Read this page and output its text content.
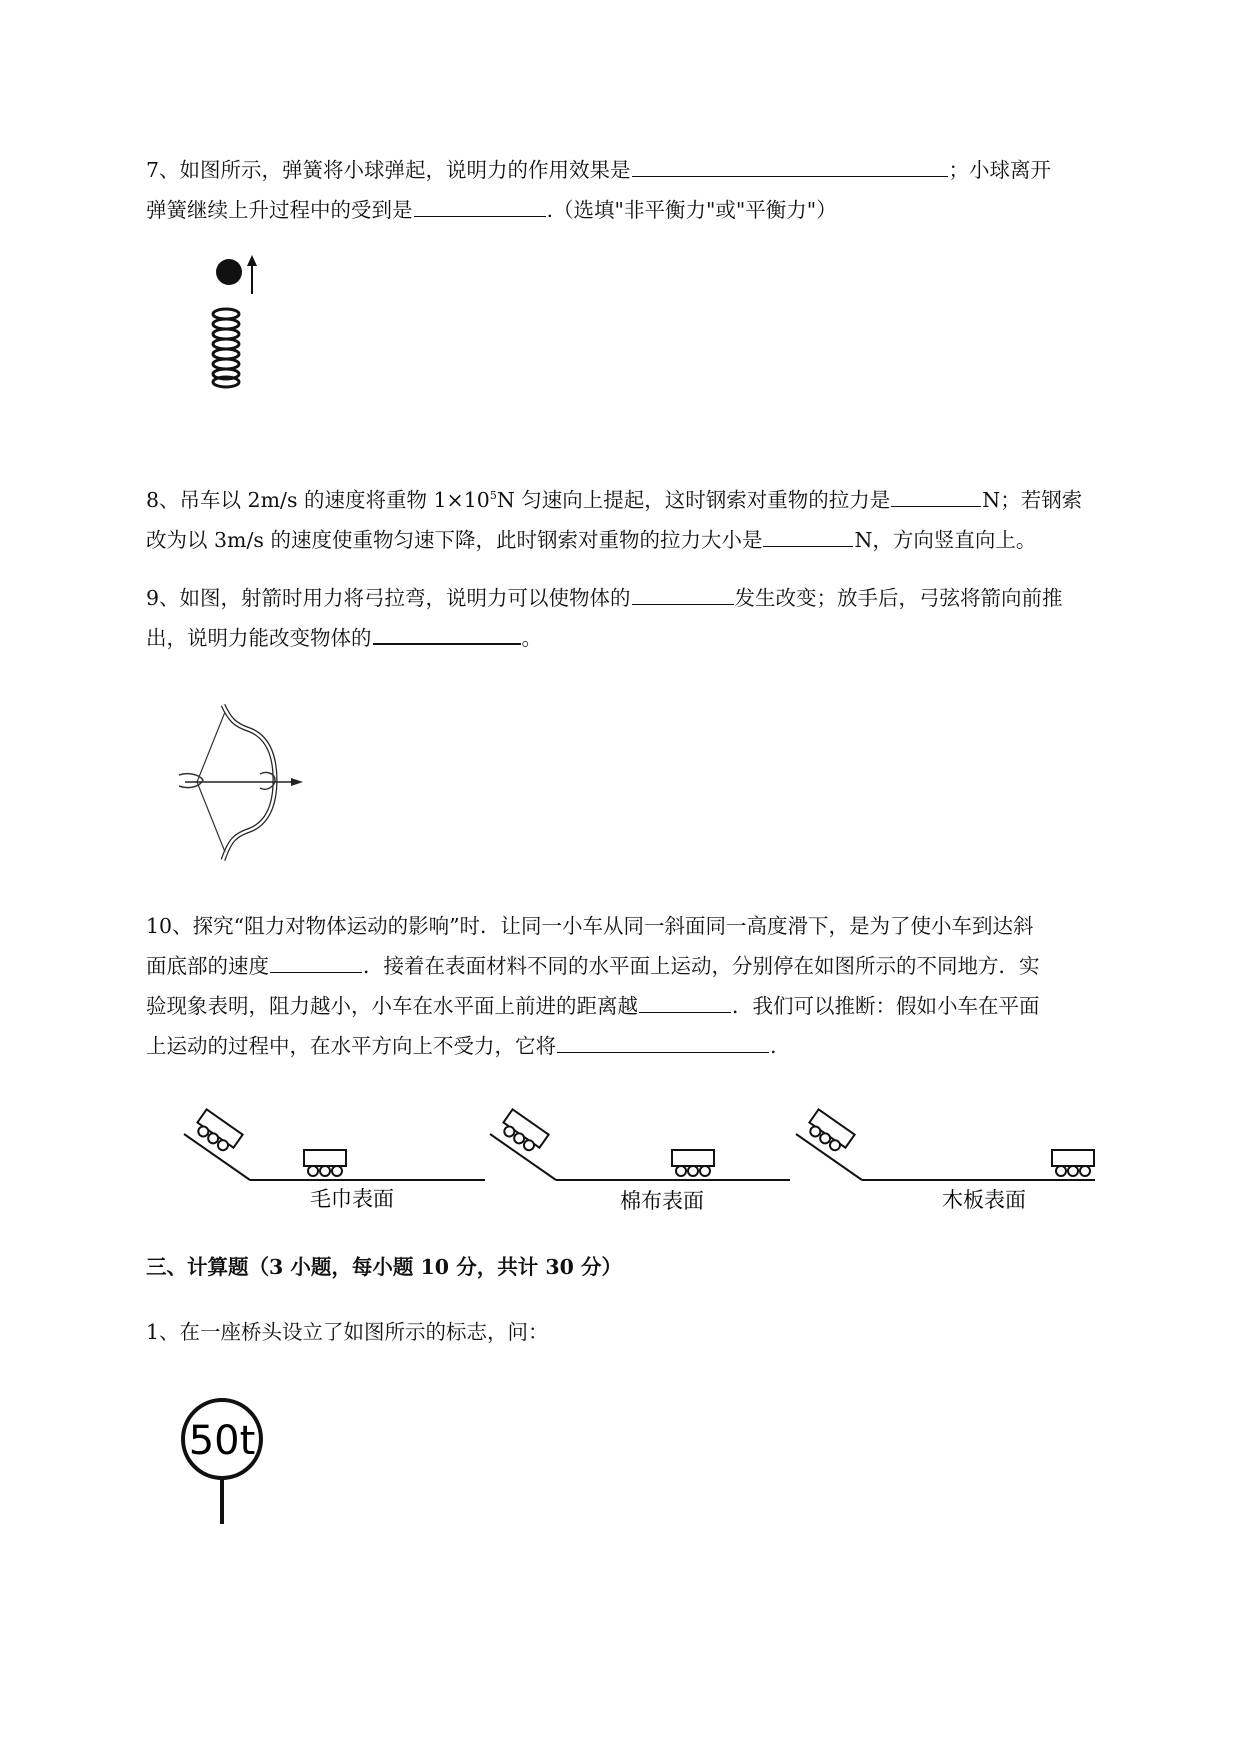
7、如图所示，弹簧将小球弹起，说明力的作用效果是	；小球离开
弹簧继续上升过程中的受到是	.（选填"非平衡力"或"平衡力"）
8、吊车以 2m/s 的速度将重物 $1\times 10^5N$ 匀速向上提起，这时钢索对重物的拉力是	N；若钢索
改为以 3m/s 的速度使重物匀速下降，此时钢索对重物的拉力大小是	N，方向竖直向上。
9、如图，射箭时用力将弓拉弯，说明力可以使物体的	发生改变；放手后，弓弦将箭向前推
出，说明力能改变物体的	。
10、探究“阻力对物体运动的影响”时．让同一小车从同一斜面同一高度滑下，是为了使小车到达斜
面底部的速度	．接着在表面材料不同的水平面上运动，分别停在如图所示的不同地方．实
验现象表明，阻力越小，小车在水平面上前进的距离越	．我们可以推断：假如小车在平面
上运动的过程中，在水平方向上不受力，它将	.
毛巾表面	棉布表面	木板表面
三、计算题（3 小题，每小题 10 分，共计 30 分）
1、在一座桥头设立了如图所示的标志，问：
50t
